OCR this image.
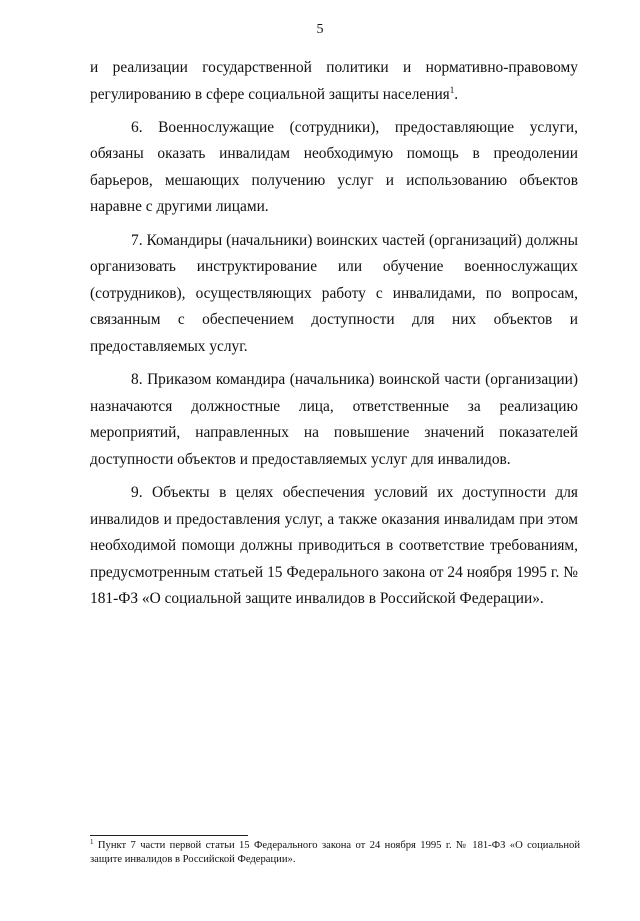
5

и реализации государственной политики и нормативно-правовому регулированию в сфере социальной защиты населения$^1$.

6. Военнослужащие (сотрудники), предоставляющие услуги, обязаны оказать инвалидам необходимую помощь в преодолении барьеров, мешающих получению услуг и использованию объектов наравне с другими лицами.

7. Командиры (начальники) воинских частей (организаций) должны организовать инструктирование или обучение военнослужащих (сотрудников), осуществляющих работу с инвалидами, по вопросам, связанным с обеспечением доступности для них объектов и предоставляемых услуг.

8. Приказом командира (начальника) воинской части (организации) назначаются должностные лица, ответственные за реализацию мероприятий, направленных на повышение значений показателей доступности объектов и предоставляемых услуг для инвалидов.

9. Объекты в целях обеспечения условий их доступности для инвалидов и предоставления услуг, а также оказания инвалидам при этом необходимой помощи должны приводиться в соответствие требованиям, предусмотренным статьей 15 Федерального закона от 24 ноября 1995 г. № 181-ФЗ «О социальной защите инвалидов в Российской Федерации».

$^1$ Пункт 7 части первой статьи 15 Федерального закона от 24 ноября 1995 г. № 181-ФЗ «О социальной защите инвалидов в Российской Федерации».
